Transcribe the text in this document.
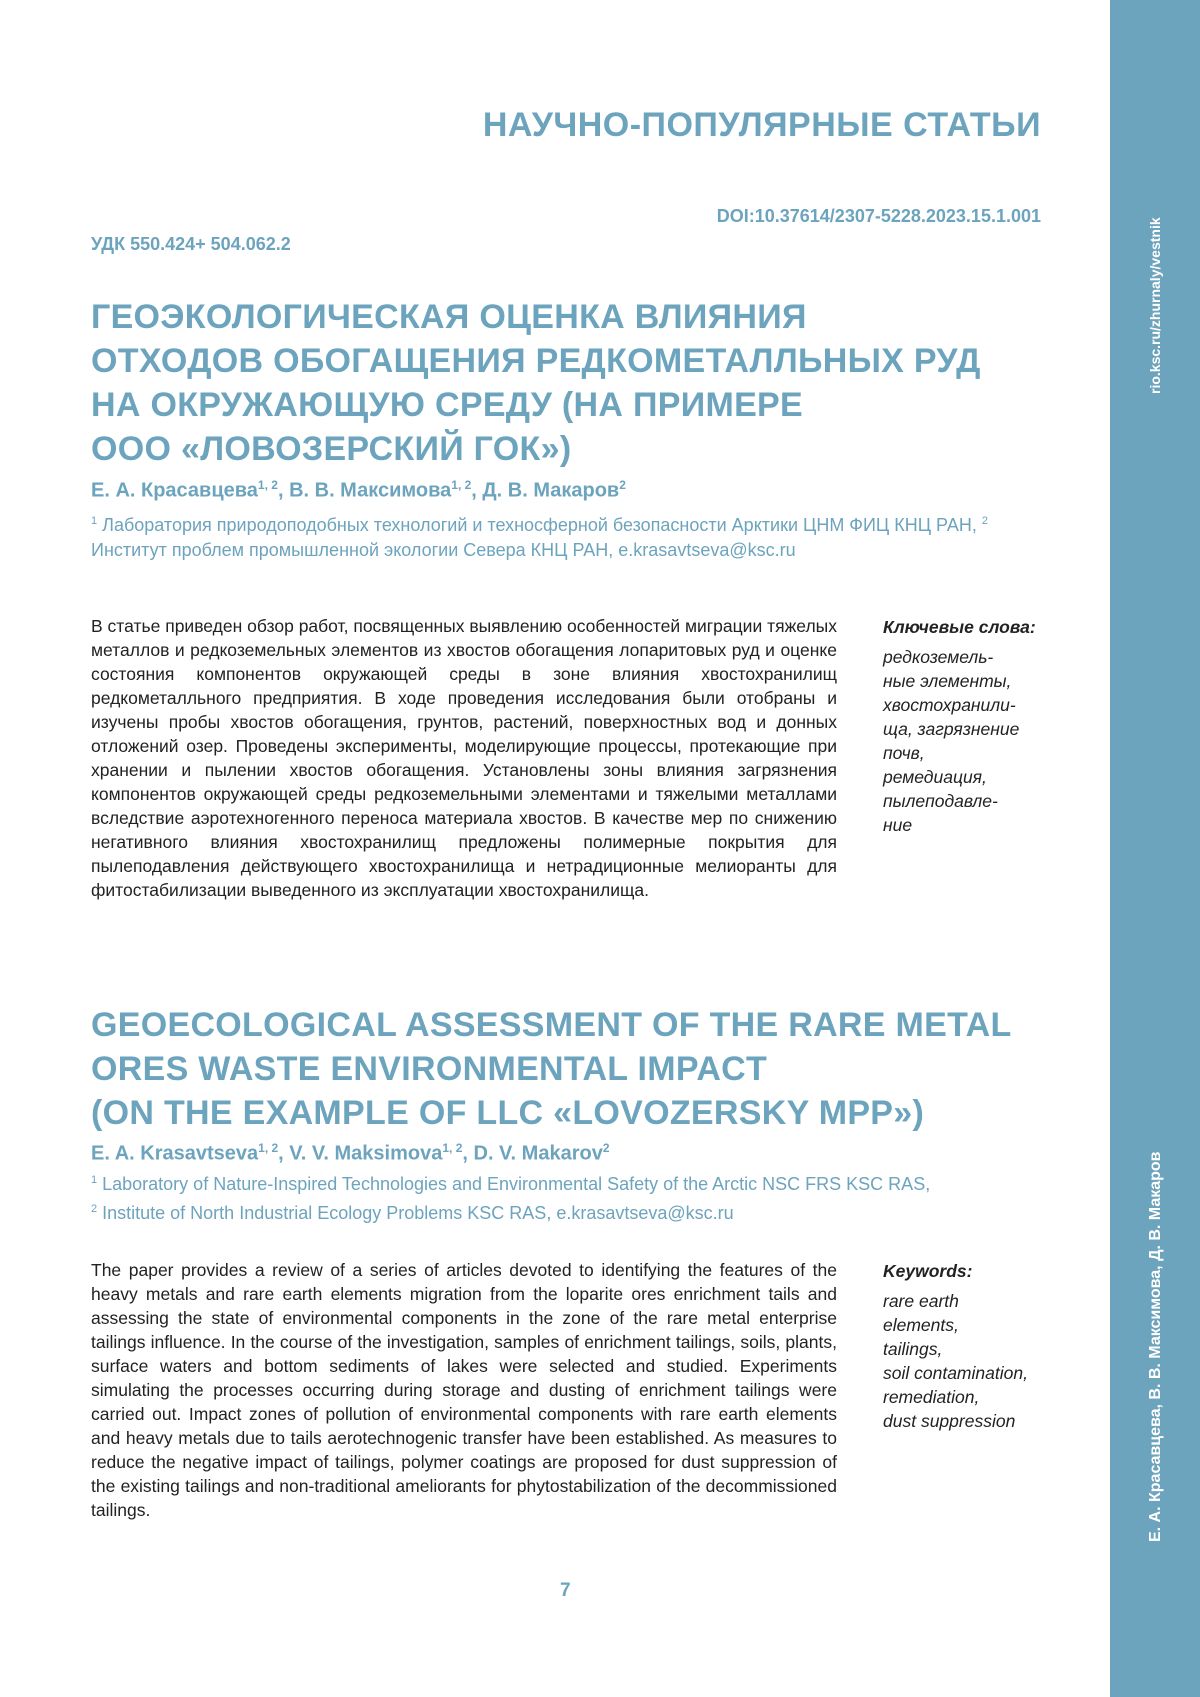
rio.ksc.ru/zhurnaly/vestnik
Е. А. Красавцева, В. В. Максимова, Д. В. Макаров
НАУЧНО-ПОПУЛЯРНЫЕ СТАТЬИ
DOI:10.37614/2307-5228.2023.15.1.001
УДК 550.424+ 504.062.2
ГЕОЭКОЛОГИЧЕСКАЯ ОЦЕНКА ВЛИЯНИЯ
ОТХОДОВ ОБОГАЩЕНИЯ РЕДКОМЕТАЛЛЬНЫХ РУД
НА ОКРУЖАЮЩУЮ СРЕДУ (НА ПРИМЕРЕ
ООО «ЛОВОЗЕРСКИЙ ГОК»)
Е. А. Красавцева$^{1, 2}$, В. В. Максимова$^{1, 2}$, Д. В. Макаров$^2$
$^1$ Лаборатория природоподобных технологий и техносферной безопасности Арктики ЦНМ ФИЦ КНЦ РАН, $^2$ Институт проблем промышленной экологии Севера КНЦ РАН, e.krasavtseva@ksc.ru

В статье приведен обзор работ, посвященных выявлению особенностей миграции тяжелых металлов и редкоземельных элементов из хвостов обогащения лопаритовых руд и оценке состояния компонентов окружающей среды в зоне влияния хвостохранилищ редкометалльного предприятия. В ходе проведения исследования были отобраны и изучены пробы хвостов обогащения, грунтов, растений, поверхностных вод и донных отложений озер. Проведены эксперименты, моделирующие процессы, протекающие при хранении и пылении хвостов обогащения. Установлены зоны влияния загрязнения компонентов окружающей среды редкоземельными элементами и тяжелыми металлами вследствие аэротехногенного переноса материала хвостов. В качестве мер по снижению негативного влияния хвостохранилищ предложены полимерные покрытия для пылеподавления действующего хвостохранилища и нетрадиционные мелиоранты для фитостабилизации выведенного из эксплуатации хвостохранилища.

Ключевые слова:
редкоземель-
ные элементы,
хвостохранили-
ща, загрязнение
почв,
ремедиация,
пылеподавле-
ние
GEOECOLOGICAL ASSESSMENT OF THE RARE METAL
ORES WASTE ENVIRONMENTAL IMPACT
(ON THE EXAMPLE OF LLC «LOVOZERSKY MPP»)
E. A. Krasavtseva$^{1, 2}$, V. V. Maksimova$^{1, 2}$, D. V. Makarov$^2$
$^1$ Laboratory of Nature-Inspired Technologies and Environmental Safety of the Arctic NSC FRS KSC RAS,
$^2$ Institute of North Industrial Ecology Problems KSC RAS, e.krasavtseva@ksc.ru

The paper provides a review of a series of articles devoted to identifying the features of the heavy metals and rare earth elements migration from the loparite ores enrichment tails and assessing the state of environmental components in the zone of the rare metal enterprise tailings influence. In the course of the investigation, samples of enrichment tailings, soils, plants, surface waters and bottom sediments of lakes were selected and studied. Experiments simulating the processes occurring during storage and dusting of enrichment tailings were carried out. Impact zones of pollution of environmental components with rare earth elements and heavy metals due to tails aerotechnogenic transfer have been established. As measures to reduce the negative impact of tailings, polymer coatings are proposed for dust suppression of the existing tailings and non-traditional ameliorants for phytostabilization of the decommissioned tailings.

Keywords:
rare earth
elements,
tailings,
soil contamination,
remediation,
dust suppression
7
